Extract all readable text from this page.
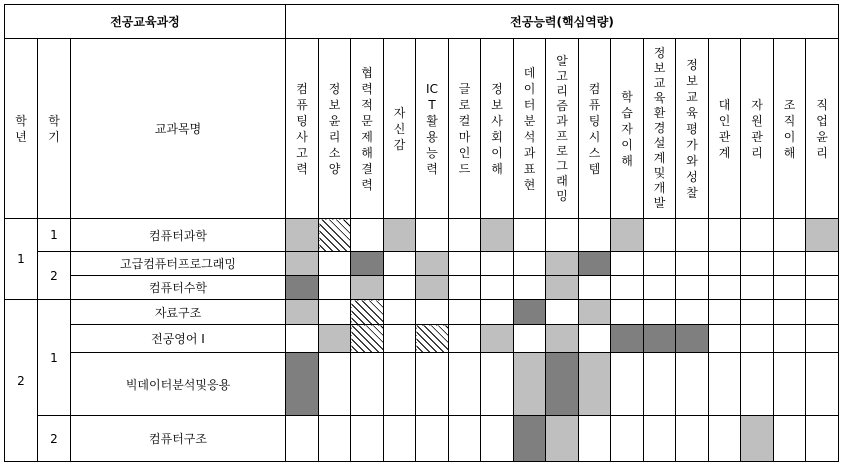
전공교육과정			전공능력(핵심역량)																
학년	학기	교과목명	컴퓨팅사고력	정보윤리소양	협력적문제해결력	자신감	ICT활용능력	글로컬마인드	정보사회이해	데이터분석과표현	알고리즘과프로그래밍	컴퓨팅시스템	학습자이해	정보교육환경설계및개발	정보교육평가와성찰	대인관계	자원관리	조직이해	직업윤리
1	1	컴퓨터과학																	
	2	고급컴퓨터프로그래밍																	
		컴퓨터수학																	
2	1	자료구조																	
		전공영어 Ⅰ																	
		빅데이터분석및응용																	
	2	컴퓨터구조																	
